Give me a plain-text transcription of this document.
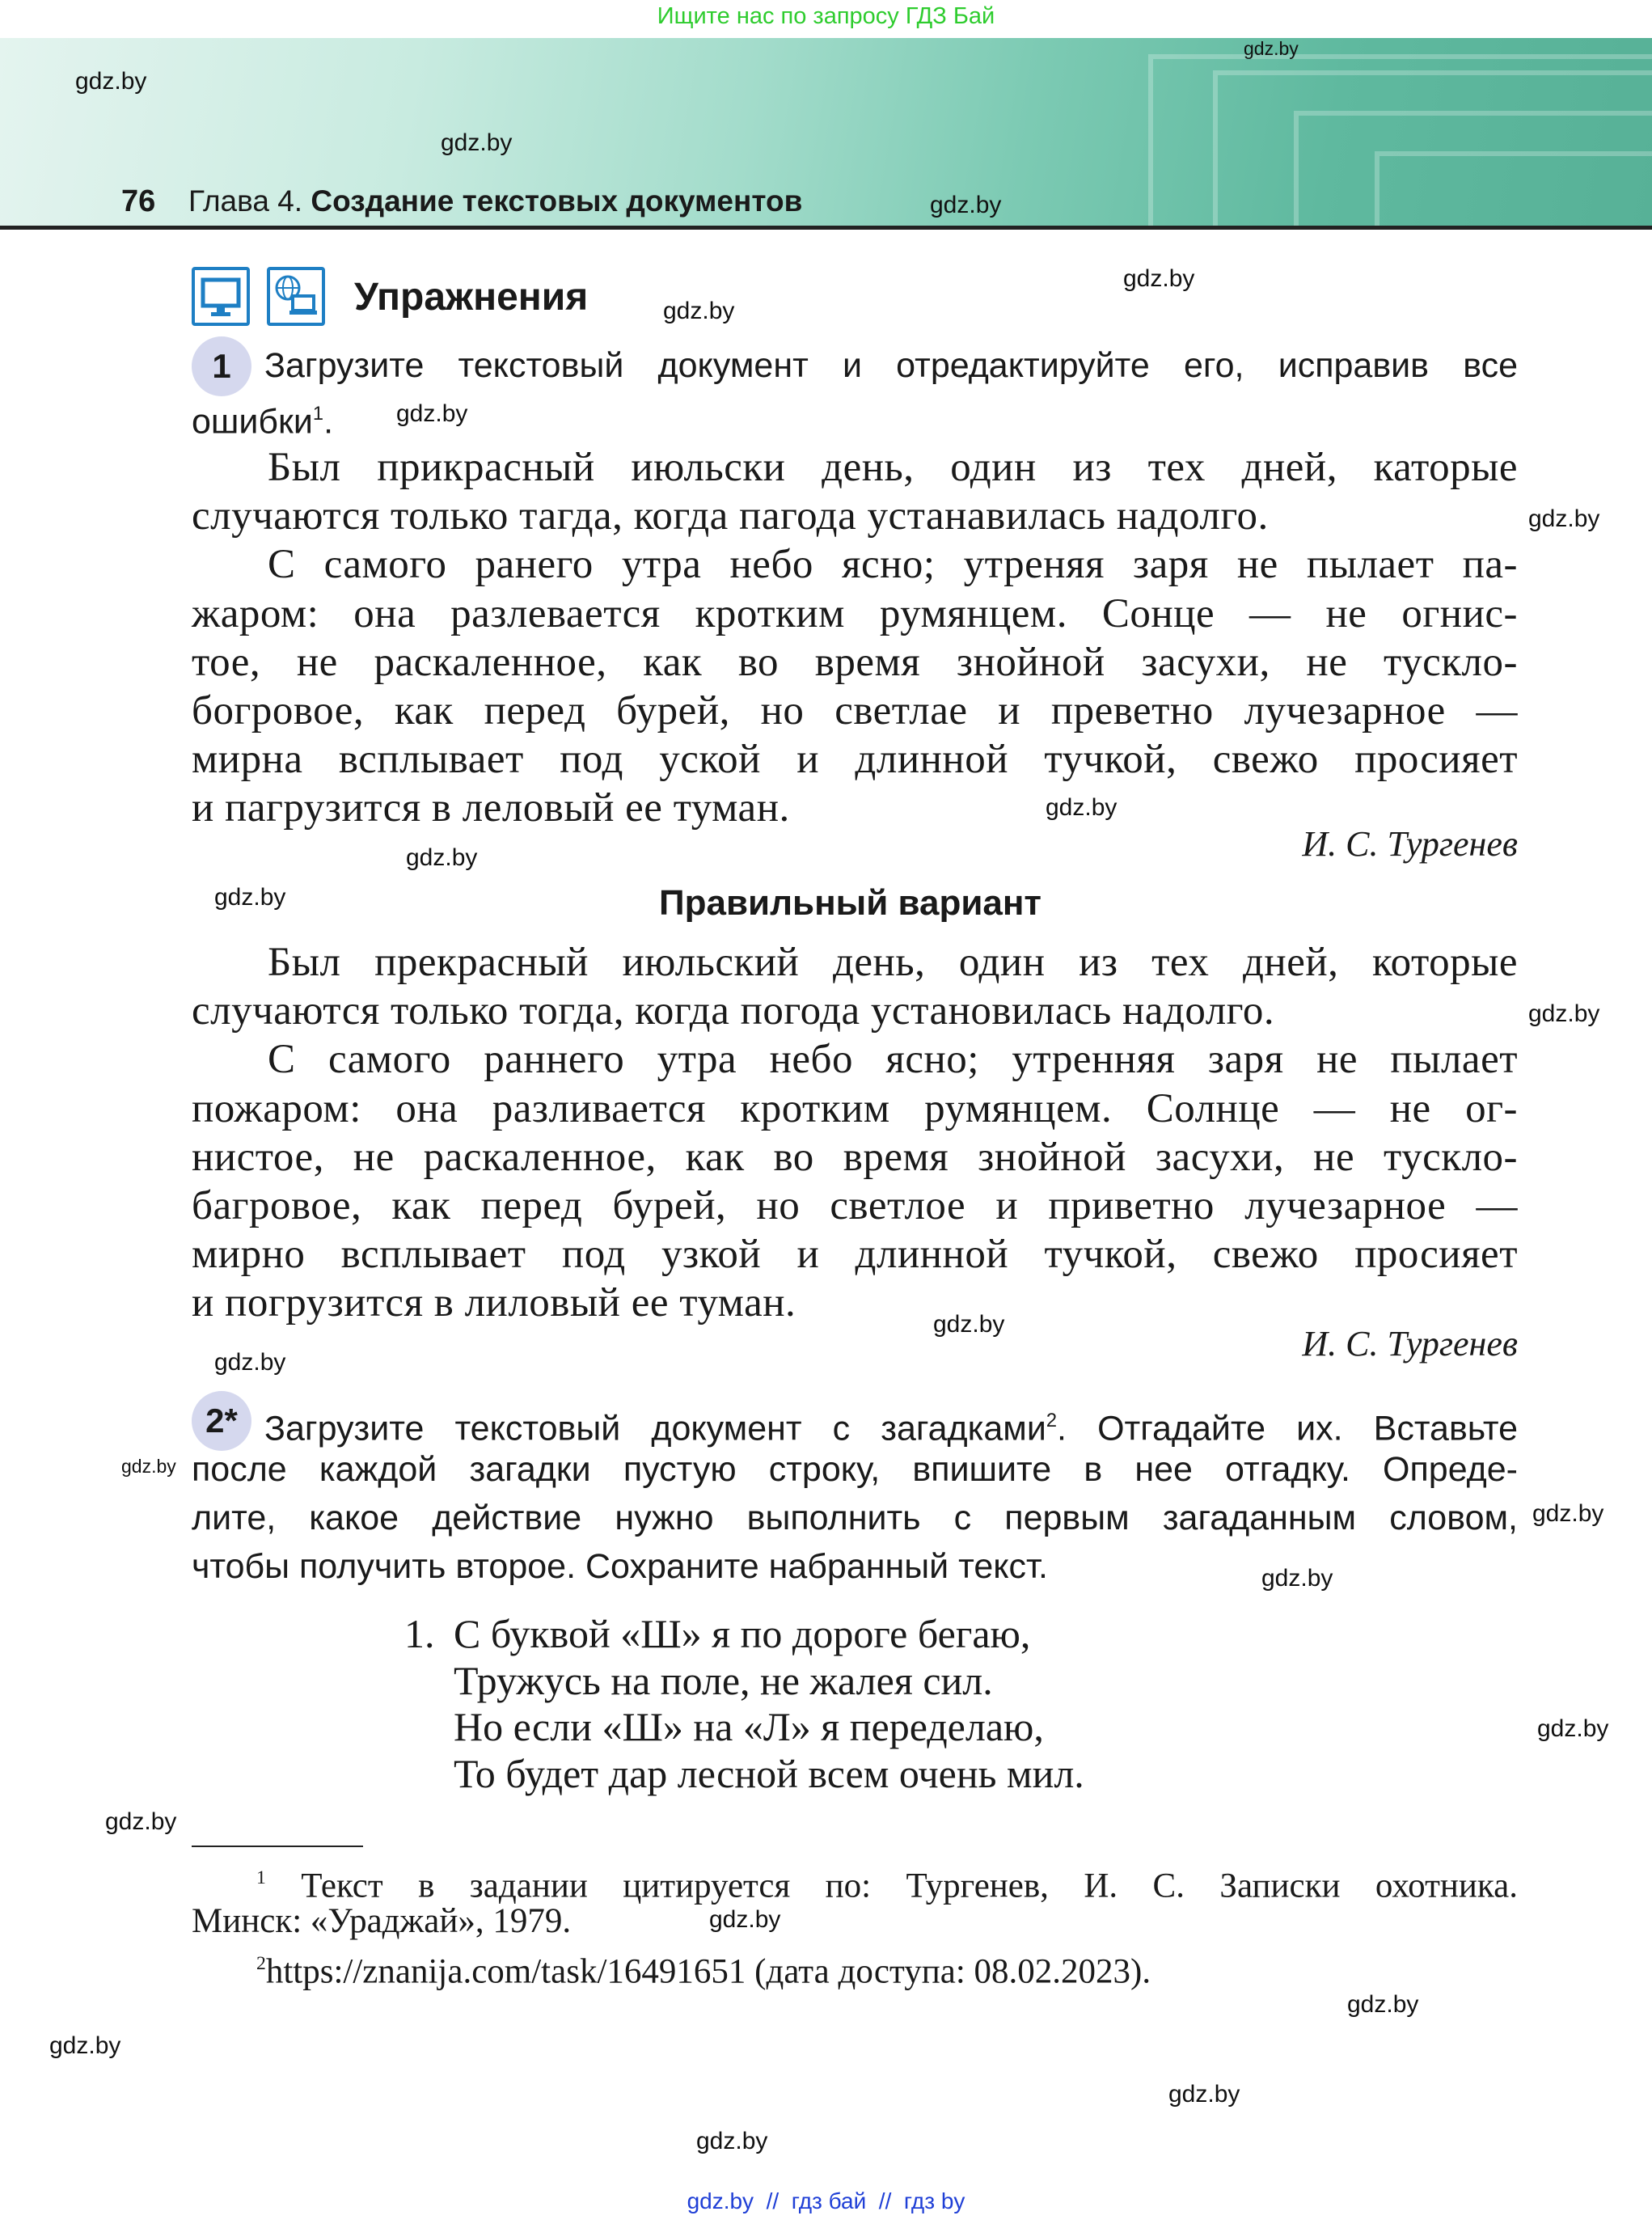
Ищите нас по запросу ГДЗ Бай
76 Глава 4. Создание текстовых документов
Упражнения
1 Загрузите текстовый документ и отредактируйте его, исправив все
ошибки$^1$.
Был прикрасный июльски день, один из тех дней, каторые
случаются только тагда, когда пагода устанавилась надолго.
С самого ранего утра небо ясно; утреняя заря не пылает па-
жаром: она разлевается кротким румянцем. Сонце — не огнис-
тое, не раскаленное, как во время знойной засухи, не тускло-
богровое, как перед бурей, но светлае и преветно лучезарное —
мирна всплывает под уской и длинной тучкой, свежо просияет
и пагрузится в леловый ее туман.
И. С. Тургенев
Правильный вариант
Был прекрасный июльский день, один из тех дней, которые
случаются только тогда, когда погода установилась надолго.
С самого раннего утра небо ясно; утренняя заря не пылает
пожаром: она разливается кротким румянцем. Солнце — не ог-
нистое, не раскаленное, как во время знойной засухи, не тускло-
багровое, как перед бурей, но светлое и приветно лучезарное —
мирно всплывает под узкой и длинной тучкой, свежо просияет
и погрузится в лиловый ее туман.
И. С. Тургенев
2* Загрузите текстовый документ с загадками$^2$. Отгадайте их. Вставьте
после каждой загадки пустую строку, впишите в нее отгадку. Опреде-
лите, какое действие нужно выполнить с первым загаданным словом,
чтобы получить второе. Сохраните набранный текст.
1. С буквой «Ш» я по дороге бегаю,
Тружусь на поле, не жалея сил.
Но если «Ш» на «Л» я переделаю,
То будет дар лесной всем очень мил.
$^1$ Текст в задании цитируется по: Тургенев, И. С. Записки охотника.
Минск: «Ураджай», 1979.
$^2$https://znanija.com/task/16491651 (дата доступа: 08.02.2023).
gdz.by
gdz.by
gdz.by
gdz.by
gdz.by
gdz.by
gdz.by
gdz.by
gdz.by
gdz.by
gdz.by
gdz.by
gdz.by
gdz.by
gdz.by
gdz.by
gdz.by
gdz.by
gdz.by
gdz.by
gdz.by
gdz.by
gdz.by
gdz.by
gdz.by  //  гдз бай  //  гдз by
